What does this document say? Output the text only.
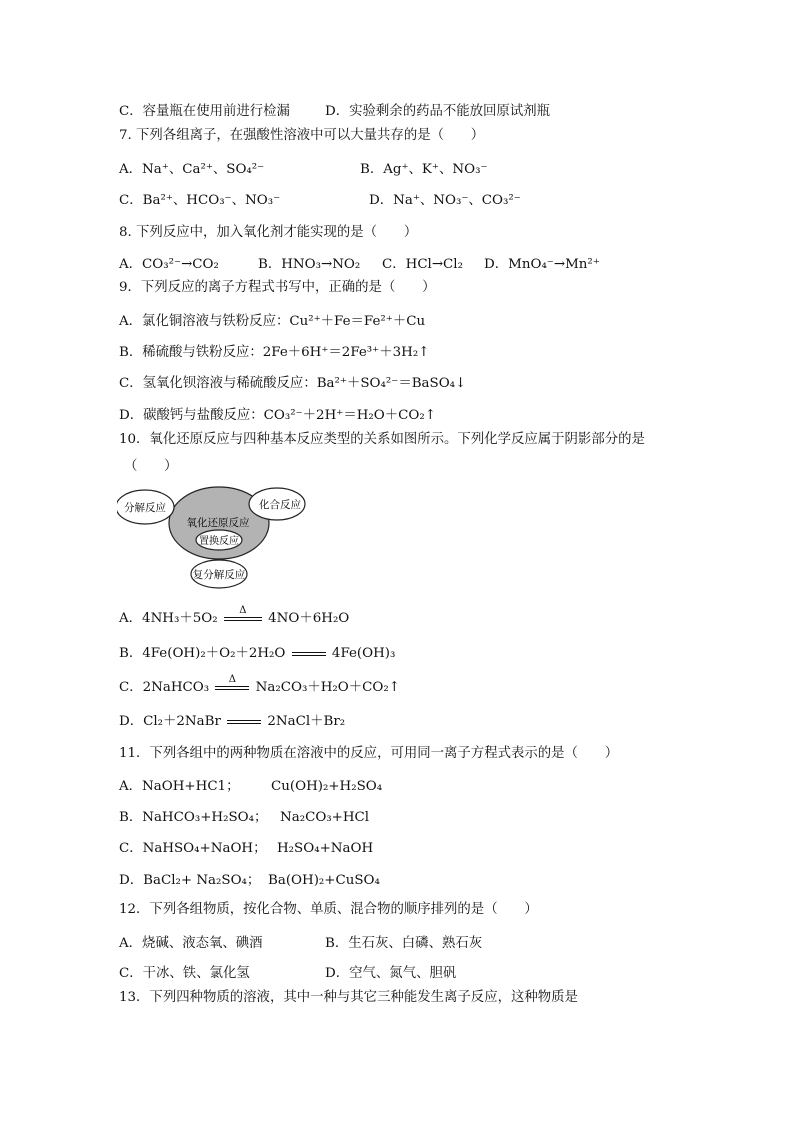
C．容量瓶在使用前进行检漏	D．实验剩余的药品不能放回原试剂瓶
7. 下列各组离子，在强酸性溶液中可以大量共存的是（　　）
A．Na⁺、Ca²⁺、SO₄²⁻	B．Ag⁺、K⁺、NO₃⁻
C．Ba²⁺、HCO₃⁻、NO₃⁻	D．Na⁺、NO₃⁻、CO₃²⁻
8. 下列反应中，加入氧化剂才能实现的是（　　）
A．CO₃²⁻→CO₂	B．HNO₃→NO₂ C．HCl→Cl₂ D．MnO₄⁻→Mn²⁺
9．下列反应的离子方程式书写中，正确的是（　　）
A．氯化铜溶液与铁粉反应：Cu²⁺＋Fe＝Fe²⁺＋Cu
B．稀硫酸与铁粉反应：2Fe＋6H⁺＝2Fe³⁺＋3H₂↑
C．氢氧化钡溶液与稀硫酸反应：Ba²⁺＋SO₄²⁻＝BaSO₄↓
D．碳酸钙与盐酸反应：CO₃²⁻＋2H⁺＝H₂O＋CO₂↑
10．氧化还原反应与四种基本反应类型的关系如图所示。下列化学反应属于阴影部分的是
（　　）
分解反应	化合反应
氧化还原反应
置换反应
复分解反应
A．4NH₃＋5O₂
Δ
4NO＋6H₂O
B．4Fe(OH)₂＋O₂＋2H₂O	4Fe(OH)₃
C．2NaHCO₃
Δ
Na₂CO₃＋H₂O＋CO₂↑
D．Cl₂＋2NaBr	2NaCl＋Br₂
11．下列各组中的两种物质在溶液中的反应，可用同一离子方程式表示的是（　　）
A．NaOH+HC1； Cu(OH)₂+H₂SO₄
B．NaHCO₃+H₂SO₄； Na₂CO₃+HCl
C．NaHSO₄+NaOH； H₂SO₄+NaOH
D．BaCl₂+ Na₂SO₄； Ba(OH)₂+CuSO₄
12．下列各组物质，按化合物、单质、混合物的顺序排列的是（　　）
A．烧碱、液态氧、碘酒	B．生石灰、白磷、熟石灰
C．干冰、铁、氯化氢	D．空气、氮气、胆矾
13．下列四种物质的溶液，其中一种与其它三种能发生离子反应，这种物质是
